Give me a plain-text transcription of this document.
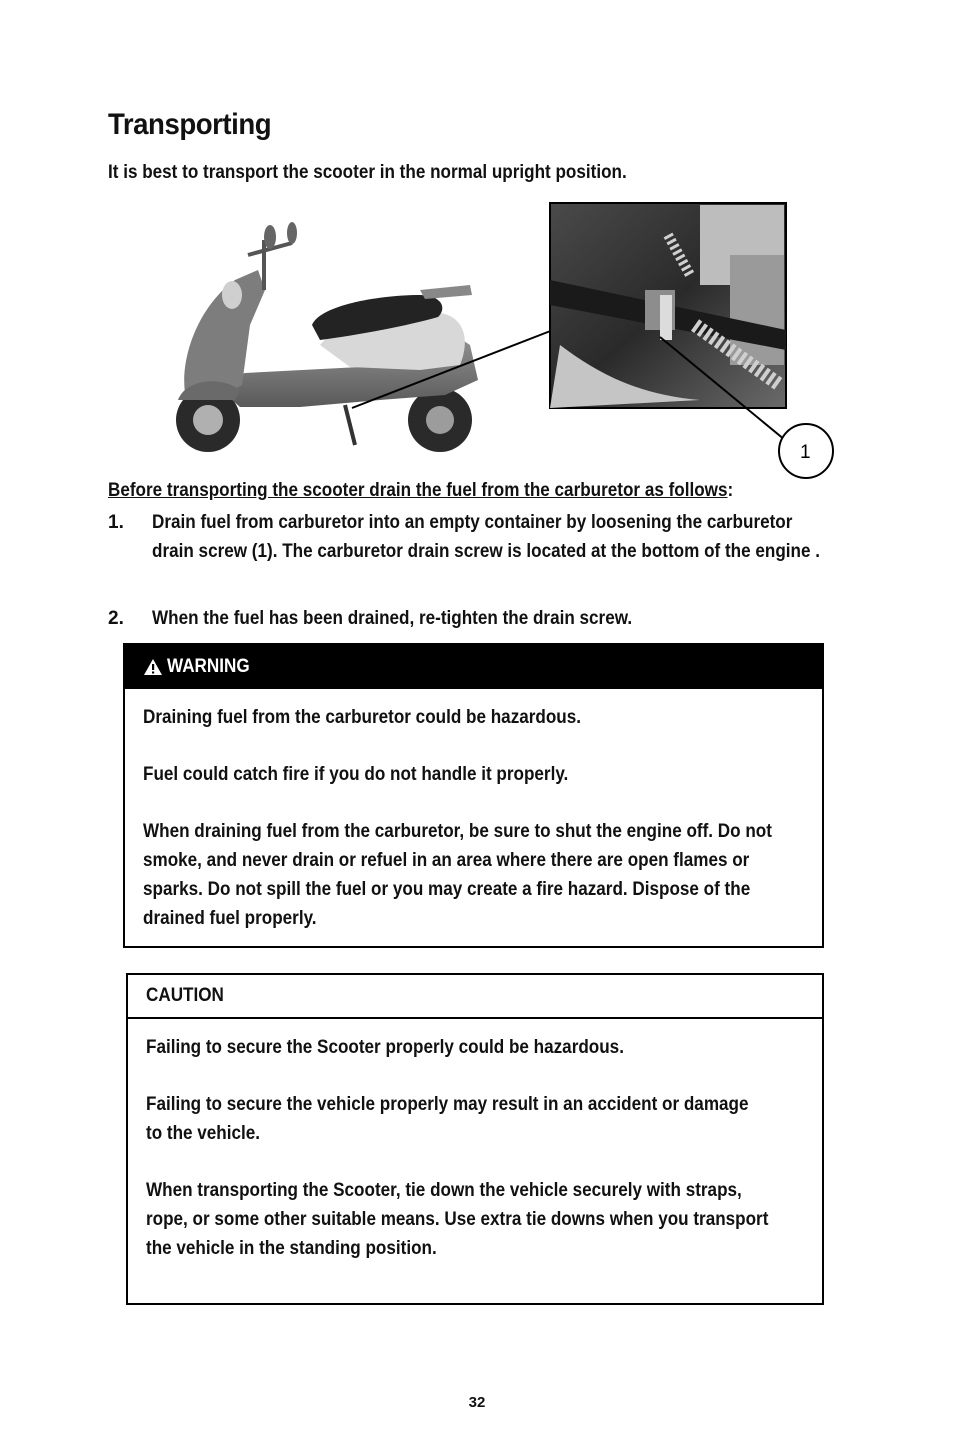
Transporting
It is best to transport the scooter in the normal upright position.
1
Before transporting the scooter drain the fuel from the carburetor as follows:
1. Drain fuel from carburetor into an empty container by loosening the carburetor drain screw (1). The carburetor drain screw is located at the bottom of the engine .
2. When the fuel has been drained, re-tighten the drain screw.
WARNING

Draining fuel from the carburetor could be hazardous.

Fuel could catch fire if you do not handle it properly.

When draining fuel from the carburetor, be sure to shut the engine off. Do not smoke, and never drain or refuel in an area where there are open flames or sparks. Do not spill the fuel or you may create a fire hazard. Dispose of the drained fuel properly.

CAUTION

Failing to secure the Scooter properly could be hazardous.

Failing to secure the vehicle properly may result in an accident or damage to the vehicle.

When transporting the Scooter, tie down the vehicle securely with straps, rope, or some other suitable means. Use extra tie downs when you transport the vehicle in the standing position.

32
